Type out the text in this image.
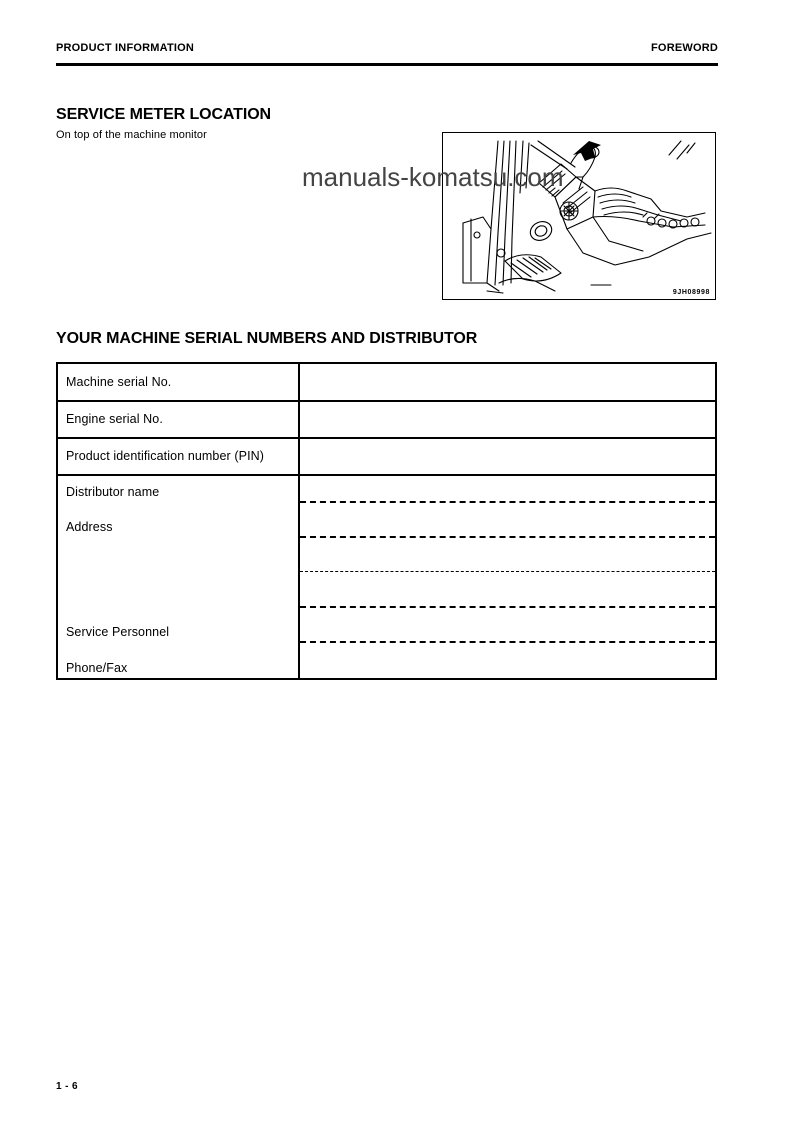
PRODUCT INFORMATION	FOREWORD
SERVICE METER LOCATION
On top of the machine monitor
9JH08998
manuals-komatsu.com
YOUR MACHINE SERIAL NUMBERS AND DISTRIBUTOR
Machine serial No.
Engine serial No.
Product identification number (PIN)
Distributor name
Address
Service Personnel
Phone/Fax
1 - 6
